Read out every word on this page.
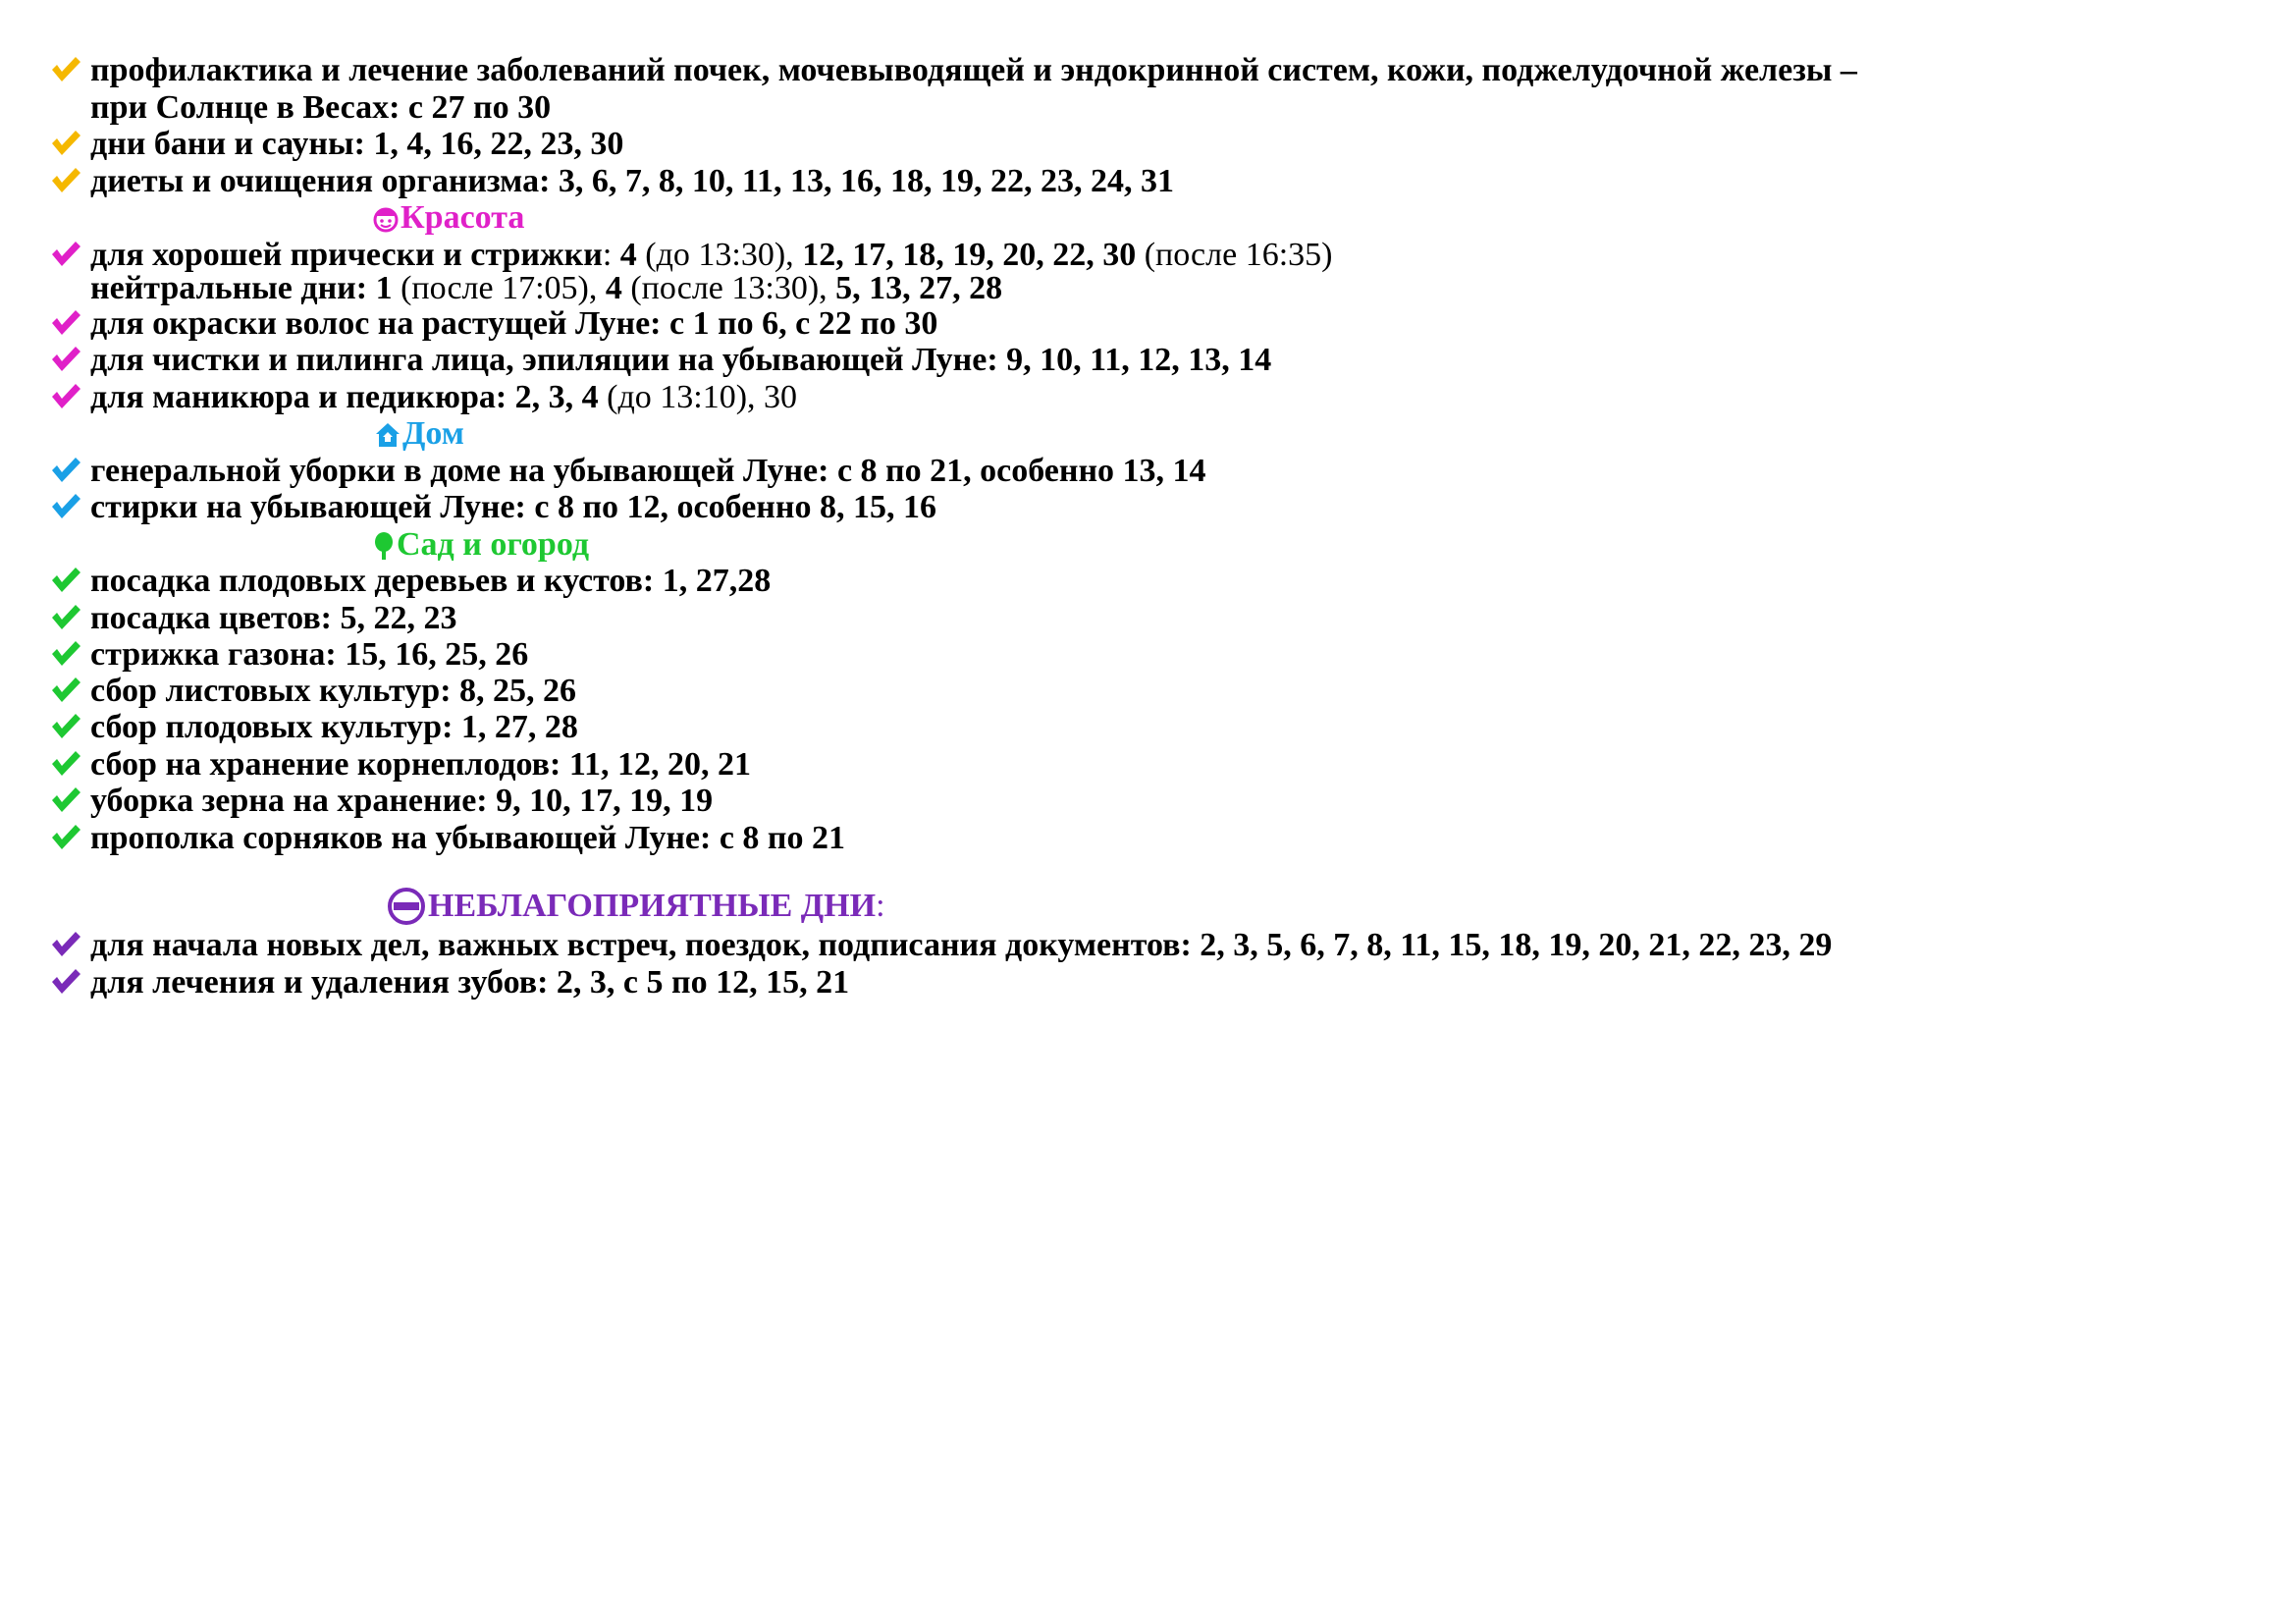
профилактика и лечение заболеваний почек, мочевыводящей и эндокринной систем, кожи, поджелудочной железы –
при Солнце в Весах: с 27 по 30
дни бани и сауны: 1, 4, 16, 22, 23, 30
диеты и очищения организма: 3, 6, 7, 8, 10, 11, 13, 16, 18, 19, 22, 23, 24, 31
Красота
для хорошей прически и стрижки: 4 (до 13:30), 12, 17, 18, 19, 20, 22, 30 (после 16:35)
нейтральные дни: 1 (после 17:05), 4 (после 13:30), 5, 13, 27, 28
для окраски волос на растущей Луне: с 1 по 6, с 22 по 30
для чистки и пилинга лица, эпиляции на убывающей Луне: 9, 10, 11, 12, 13, 14
для маникюра и педикюра: 2, 3, 4 (до 13:10), 30
Дом
генеральной уборки в доме на убывающей Луне: с 8 по 21, особенно 13, 14
стирки на убывающей Луне: с 8 по 12, особенно 8, 15, 16
Сад и огород
посадка плодовых деревьев и кустов: 1, 27,28
посадка цветов: 5, 22, 23
стрижка газона: 15, 16, 25, 26
сбор листовых культур: 8, 25, 26
сбор плодовых культур: 1, 27, 28
сбор на хранение корнеплодов: 11, 12, 20, 21
уборка зерна на хранение: 9, 10, 17, 19, 19
прополка сорняков на убывающей Луне: с 8 по 21
НЕБЛАГОПРИЯТНЫЕ ДНИ:
для начала новых дел, важных встреч, поездок, подписания документов: 2, 3, 5, 6, 7, 8, 11, 15, 18, 19, 20, 21, 22, 23, 29
для лечения и удаления зубов: 2, 3, с 5 по 12, 15, 21
